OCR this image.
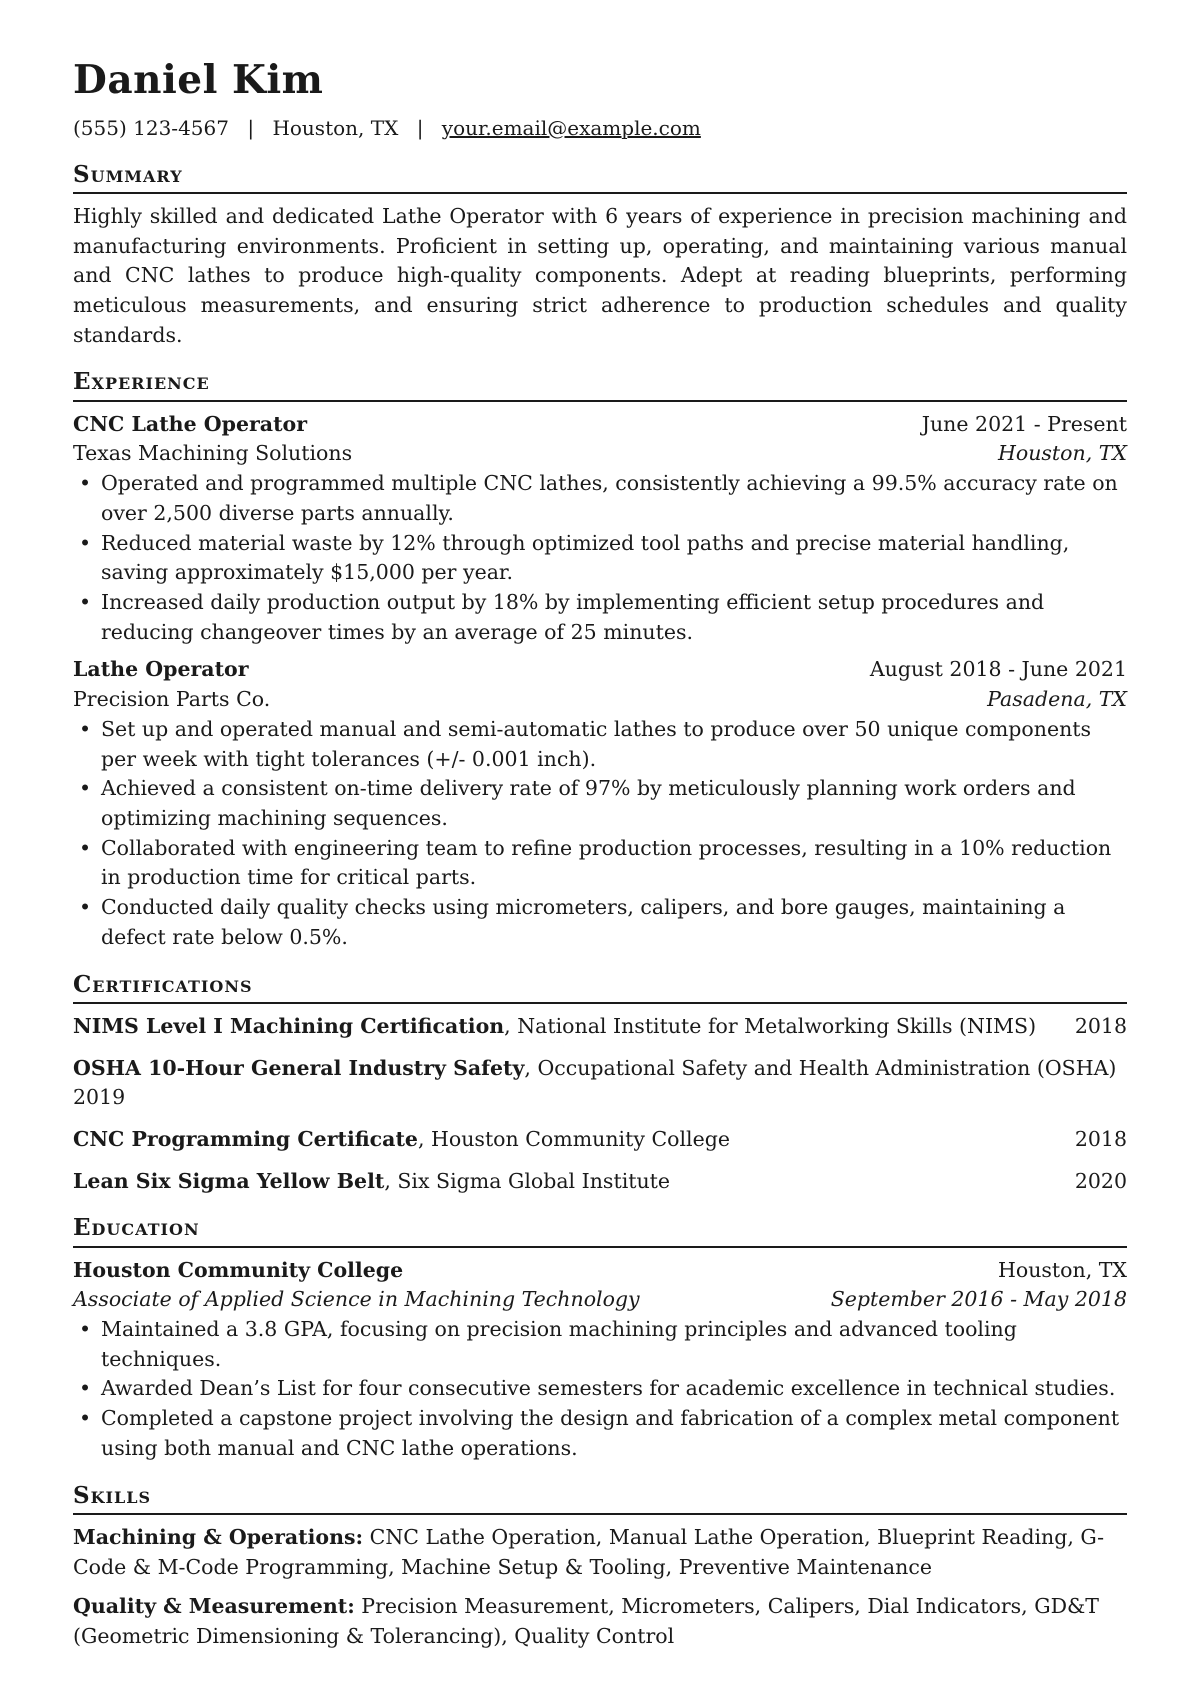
Daniel Kim
(555) 123-4567 | Houston, TX | your.email@example.com
Summary
Highly skilled and dedicated Lathe Operator with 6 years of experience in precision machining and manufacturing environments. Proficient in setting up, operating, and maintaining various manual and CNC lathes to produce high-quality components. Adept at reading blueprints, performing meticulous measurements, and ensuring strict adherence to production schedules and quality standards.
Experience
CNC Lathe Operator	June 2021 - Present
Texas Machining Solutions	Houston, TX
• Operated and programmed multiple CNC lathes, consistently achieving a 99.5% accuracy rate on over 2,500 diverse parts annually.
• Reduced material waste by 12% through optimized tool paths and precise material handling, saving approximately $15,000 per year.
• Increased daily production output by 18% by implementing efficient setup procedures and reducing changeover times by an average of 25 minutes.
Lathe Operator	August 2018 - June 2021
Precision Parts Co.	Pasadena, TX
• Set up and operated manual and semi-automatic lathes to produce over 50 unique components per week with tight tolerances (+/- 0.001 inch).
• Achieved a consistent on-time delivery rate of 97% by meticulously planning work orders and optimizing machining sequences.
• Collaborated with engineering team to refine production processes, resulting in a 10% reduction in production time for critical parts.
• Conducted daily quality checks using micrometers, calipers, and bore gauges, maintaining a defect rate below 0.5%.
Certifications
NIMS Level I Machining Certification, National Institute for Metalworking Skills (NIMS) 2018
OSHA 10-Hour General Industry Safety, Occupational Safety and Health Administration (OSHA)
2019
CNC Programming Certificate, Houston Community College	2018
Lean Six Sigma Yellow Belt, Six Sigma Global Institute	2020
Education
Houston Community College	Houston, TX
Associate of Applied Science in Machining Technology	September 2016 - May 2018
• Maintained a 3.8 GPA, focusing on precision machining principles and advanced tooling techniques.
• Awarded Dean’s List for four consecutive semesters for academic excellence in technical studies.
• Completed a capstone project involving the design and fabrication of a complex metal component using both manual and CNC lathe operations.
Skills
Machining & Operations: CNC Lathe Operation, Manual Lathe Operation, Blueprint Reading, G-Code & M-Code Programming, Machine Setup & Tooling, Preventive Maintenance
Quality & Measurement: Precision Measurement, Micrometers, Calipers, Dial Indicators, GD&T (Geometric Dimensioning & Tolerancing), Quality Control
